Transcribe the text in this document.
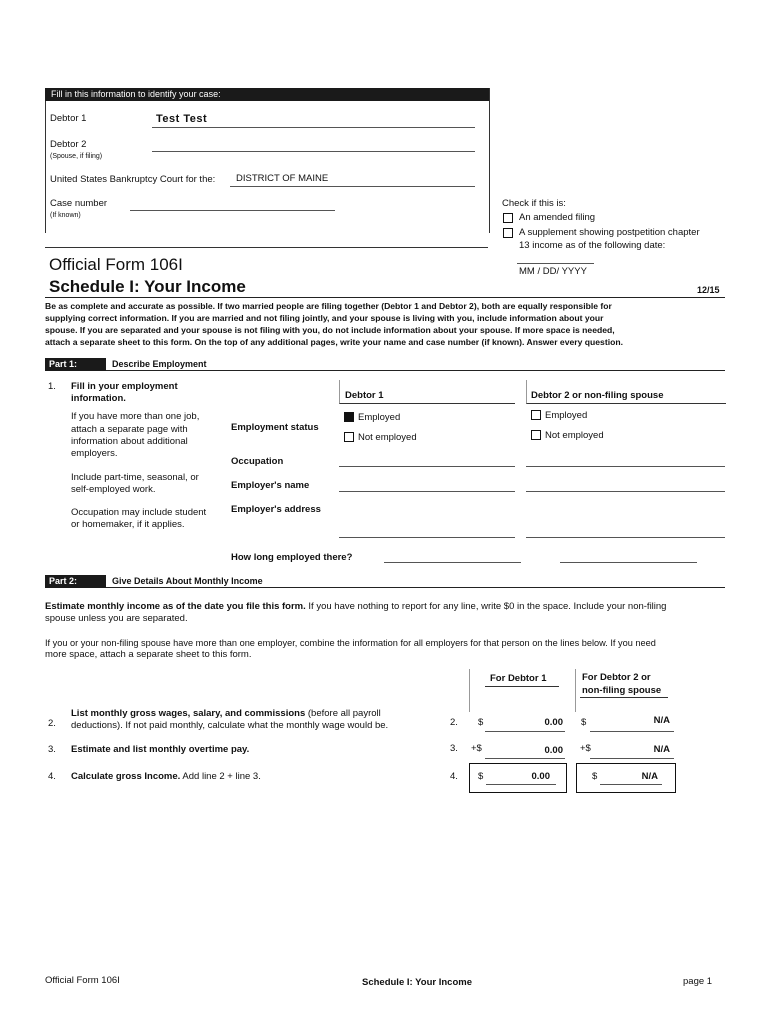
Fill in this information to identify your case:
Debtor 1	Test Test
Debtor 2
(Spouse, if filing)
United States Bankruptcy Court for the: DISTRICT OF MAINE
Case number
(If known)
Check if this is:
An amended filing
A supplement showing postpetition chapter
13 income as of the following date:
MM / DD/ YYYY
Official Form 106I
Schedule I: Your Income	12/15
Be as complete and accurate as possible. If two married people are filing together (Debtor 1 and Debtor 2), both are equally responsible for
supplying correct information. If you are married and not filing jointly, and your spouse is living with you, include information about your
spouse. If you are separated and your spouse is not filing with you, do not include information about your spouse. If more space is needed,
attach a separate sheet to this form. On the top of any additional pages, write your name and case number (if known). Answer every question.
Part 1:	Describe Employment
1. Fill in your employment
information.
If you have more than one job,
attach a separate page with
information about additional
employers.
Include part-time, seasonal, or
self-employed work.
Occupation may include student
or homemaker, if it applies.
Debtor 1	Debtor 2 or non-filing spouse
Employment status
Employed
Not employed
Employed
Not employed
Occupation
Employer's name
Employer's address
How long employed there?
Part 2:	Give Details About Monthly Income
Estimate monthly income as of the date you file this form. If you have nothing to report for any line, write $0 in the space. Include your non-filing
spouse unless you are separated.
If you or your non-filing spouse have more than one employer, combine the information for all employers for that person on the lines below. If you need
more space, attach a separate sheet to this form.
For Debtor 1	For Debtor 2 or
non-filing spouse
2.
List monthly gross wages, salary, and commissions (before all payroll
deductions). If not paid monthly, calculate what the monthly wage would be.	2. $	0.00 $	N/A
3. Estimate and list monthly overtime pay.	3. +$	0.00 +$	N/A
4. Calculate gross Income. Add line 2 + line 3.	4. $	0.00	$	N/A
Official Form 106I	Schedule I: Your Income	page 1
